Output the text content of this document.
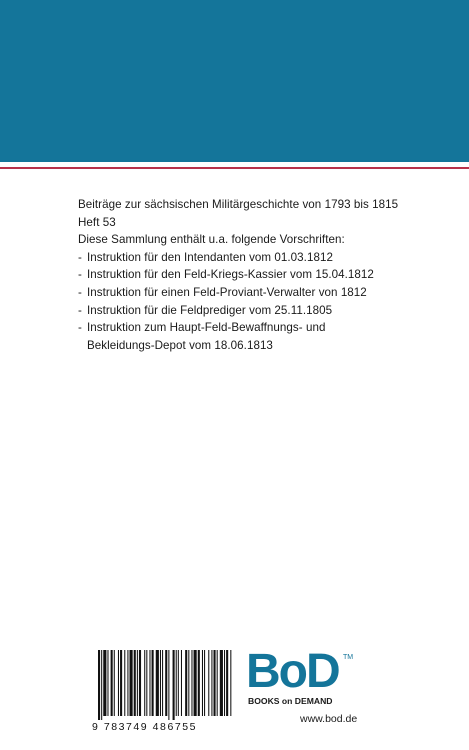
Beiträge zur sächsischen Militärgeschichte von 1793 bis 1815
Heft 53
Diese Sammlung enthält u.a. folgende Vorschriften:
- Instruktion für den Intendanten vom 01.03.1812
- Instruktion für den Feld-Kriegs-Kassier vom 15.04.1812
- Instruktion für einen Feld-Proviant-Verwalter von 1812
- Instruktion für die Feldprediger vom 25.11.1805
- Instruktion zum Haupt-Feld-Bewaffnungs- und
Bekleidungs-Depot vom 18.06.1813
9 783749 486755
BoD TM
BOOKS on DEMAND
www.bod.de
